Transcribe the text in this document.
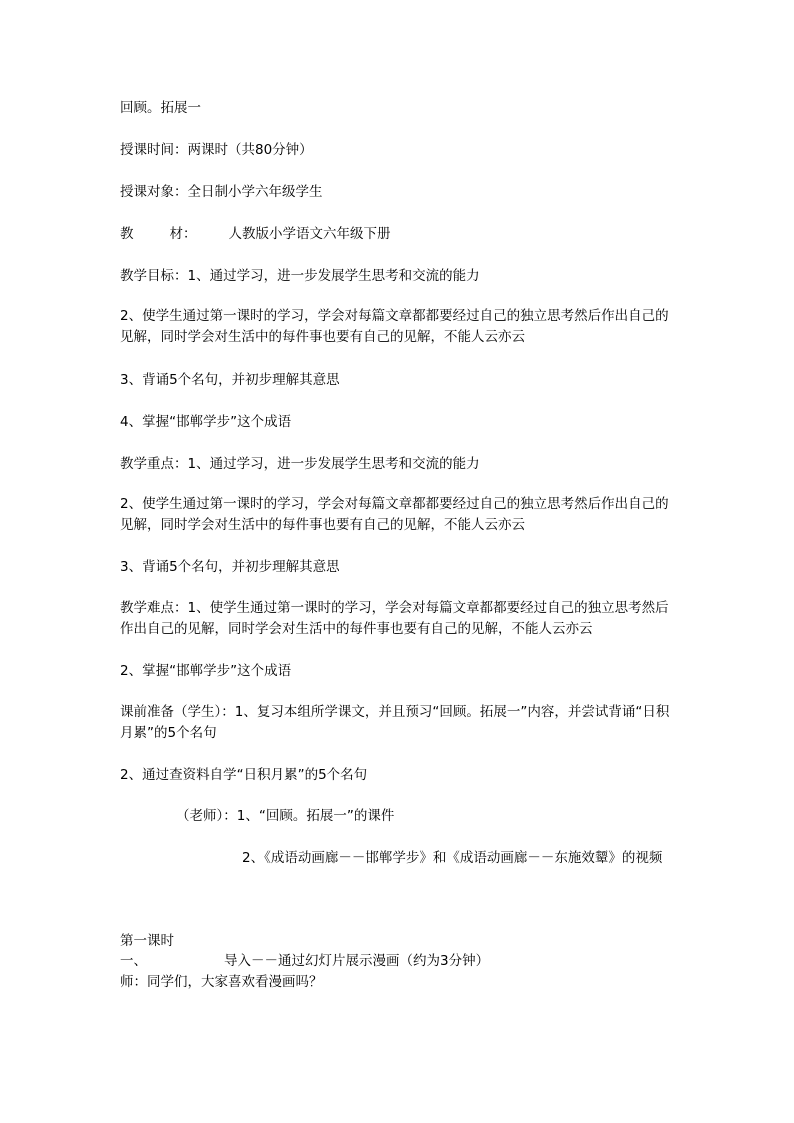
回顾。拓展一
授课时间：两课时（共80分钟）
授课对象：全日制小学六年级学生
教	材： 人教版小学语文六年级下册
教学目标：1、通过学习，进一步发展学生思考和交流的能力
2、使学生通过第一课时的学习，学会对每篇文章都都要经过自己的独立思考然后作出自己的见解，同时学会对生活中的每件事也要有自己的见解，不能人云亦云
3、背诵5个名句，并初步理解其意思
4、掌握“邯郸学步”这个成语
教学重点：1、通过学习，进一步发展学生思考和交流的能力
2、使学生通过第一课时的学习，学会对每篇文章都都要经过自己的独立思考然后作出自己的见解，同时学会对生活中的每件事也要有自己的见解，不能人云亦云
3、背诵5个名句，并初步理解其意思
教学难点：1、使学生通过第一课时的学习，学会对每篇文章都都要经过自己的独立思考然后作出自己的见解，同时学会对生活中的每件事也要有自己的见解，不能人云亦云
2、掌握“邯郸学步”这个成语
课前准备（学生）：1、复习本组所学课文，并且预习“回顾。拓展一”内容，并尝试背诵“日积月累”的5个名句
2、通过查资料自学“日积月累”的5个名句
（老师）：1、“回顾。拓展一”的课件
2、《成语动画廊－－邯郸学步》和《成语动画廊－－东施效颦》的视频
第一课时
一、	导入－－通过幻灯片展示漫画（约为3分钟）
师：同学们，大家喜欢看漫画吗？
